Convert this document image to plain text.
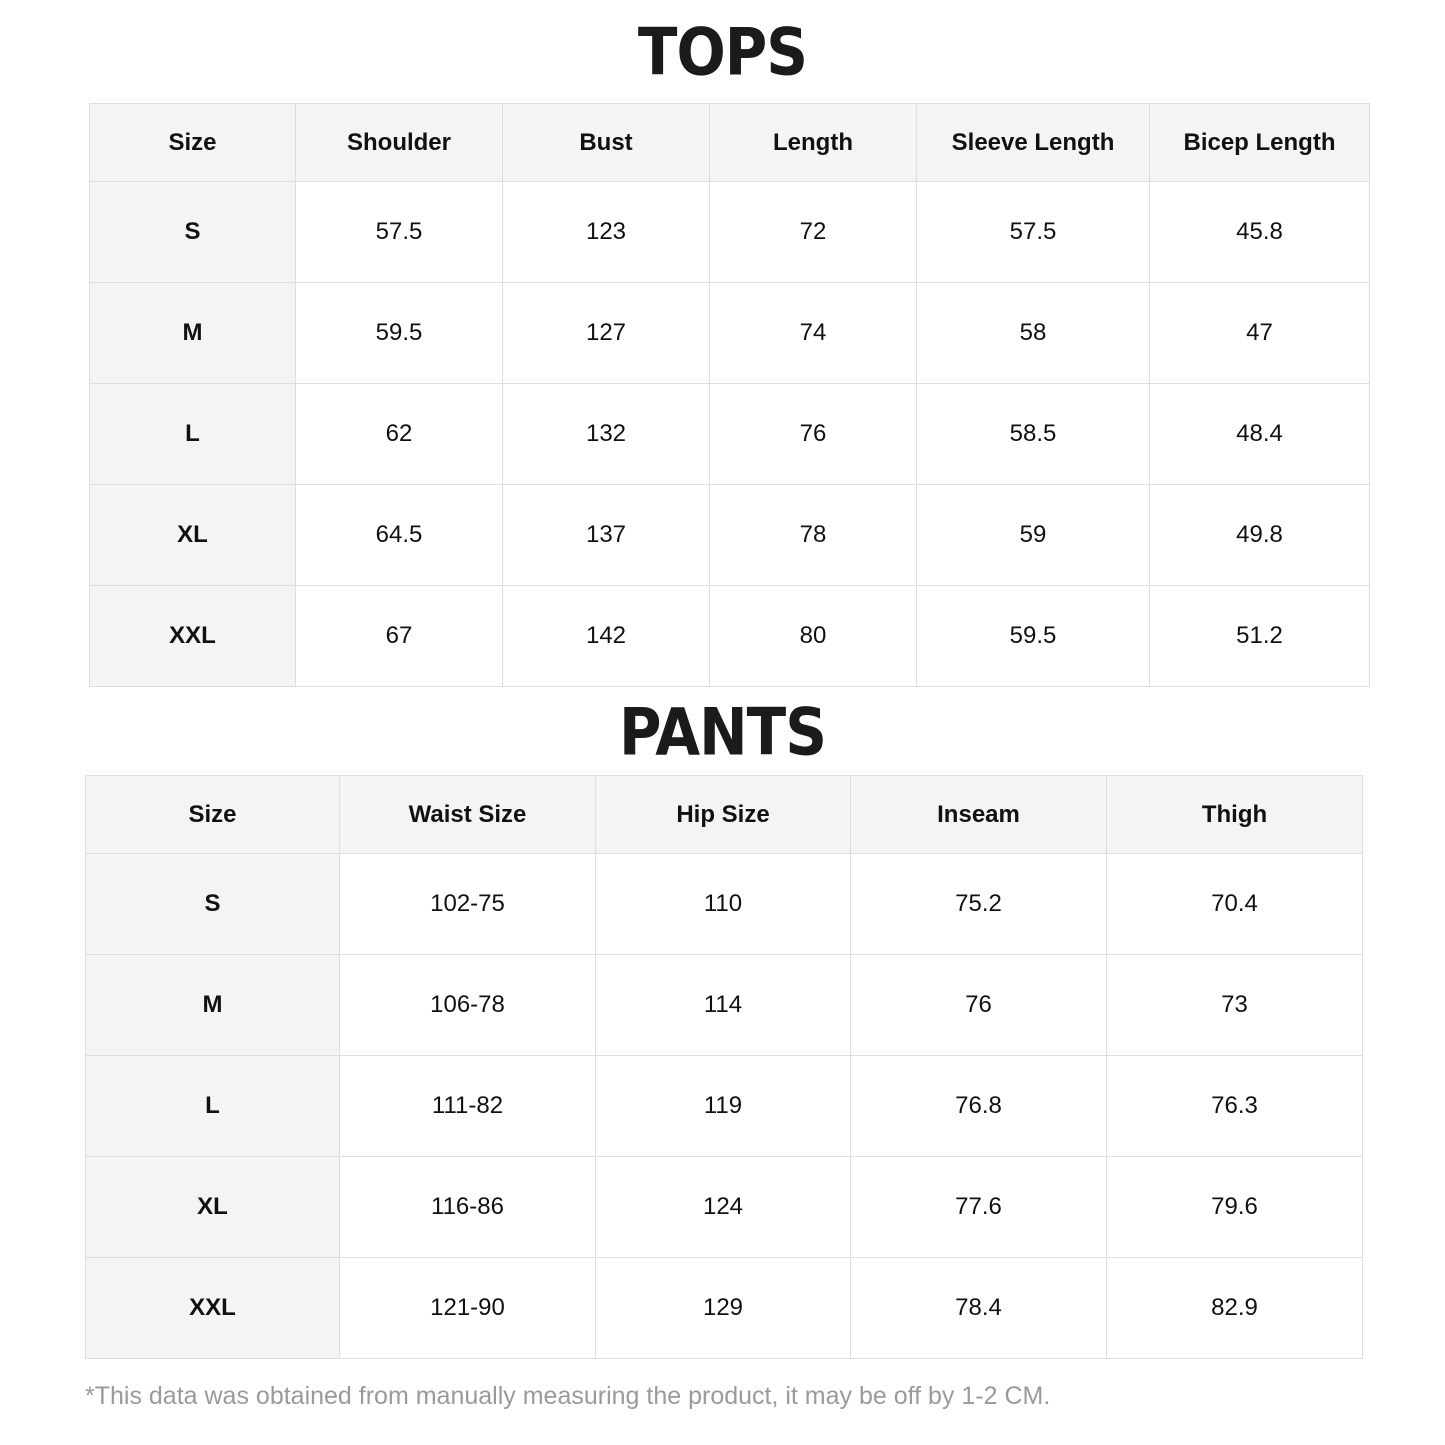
TOPS
Size	Shoulder	Bust	Length	Sleeve Length	Bicep Length
S	57.5	123	72	57.5	45.8
M	59.5	127	74	58	47
L	62	132	76	58.5	48.4
XL	64.5	137	78	59	49.8
XXL	67	142	80	59.5	51.2
PANTS
Size	Waist Size	Hip Size	Inseam	Thigh
S	102-75	110	75.2	70.4
M	106-78	114	76	73
L	111-82	119	76.8	76.3
XL	116-86	124	77.6	79.6
XXL	121-90	129	78.4	82.9

*This data was obtained from manually measuring the product, it may be off by 1-2 CM.
